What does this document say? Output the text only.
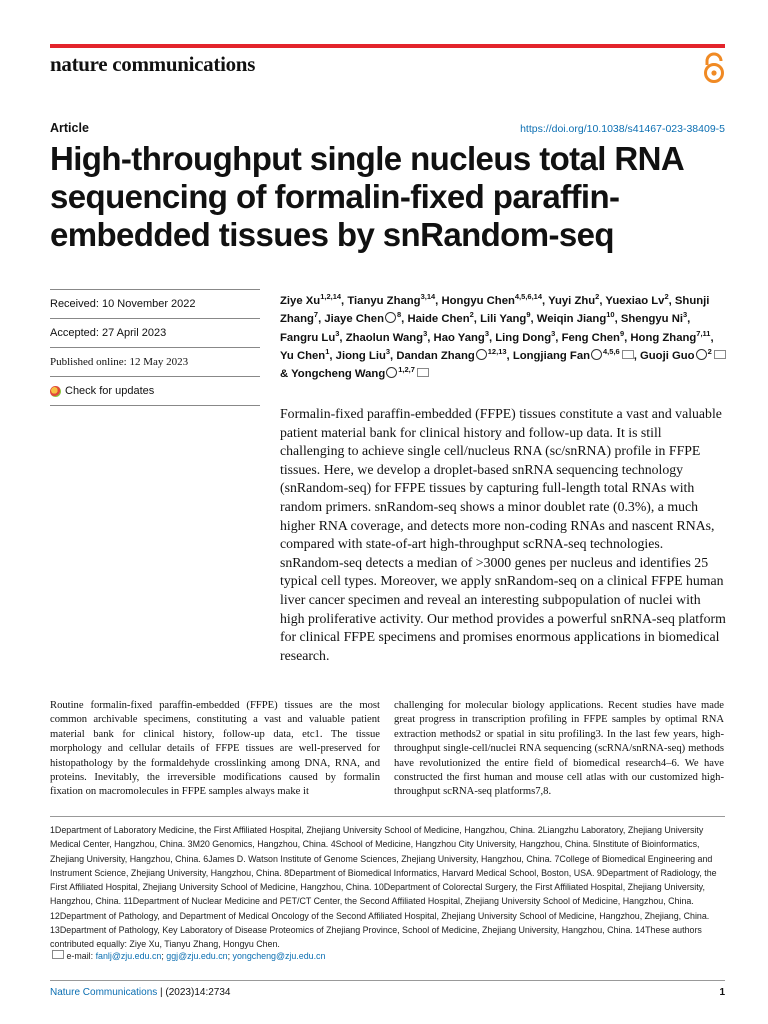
nature communications
Article	https://doi.org/10.1038/s41467-023-38409-5
High-throughput single nucleus total RNA sequencing of formalin-fixed paraffin-embedded tissues by snRandom-seq
Received: 10 November 2022
Accepted: 27 April 2023
Published online: 12 May 2023
Check for updates
Ziye Xu$^{1,2,14}$, Tianyu Zhang$^{3,14}$, Hongyu Chen$^{4,5,6,14}$, Yuyi Zhu$^2$, Yuexiao Lv$^2$, Shunji Zhang$^7$, Jiaye Chen $^8$, Haide Chen$^2$, Lili Yang$^9$, Weiqin Jiang$^{10}$, Shengyu Ni$^3$, Fangru Lu$^3$, Zhaolun Wang$^3$, Hao Yang$^3$, Ling Dong$^3$, Feng Chen$^9$, Hong Zhang$^{7,11}$, Yu Chen$^1$, Jiong Liu$^3$, Dandan Zhang $^{12,13}$, Longjiang Fan $^{4,5,6}$ , Guoji Guo $^2$ & Yongcheng Wang $^{1,2,7}$

Formalin-fixed paraffin-embedded (FFPE) tissues constitute a vast and valuable patient material bank for clinical history and follow-up data. It is still challenging to achieve single cell/nucleus RNA (sc/snRNA) profile in FFPE tissues. Here, we develop a droplet-based snRNA sequencing technology (snRandom-seq) for FFPE tissues by capturing full-length total RNAs with random primers. snRandom-seq shows a minor doublet rate (0.3%), a much higher RNA coverage, and detects more non-coding RNAs and nascent RNAs, compared with state-of-art high-throughput scRNA-seq technologies. snRandom-seq detects a median of >3000 genes per nucleus and identifies 25 typical cell types. Moreover, we apply snRandom-seq on a clinical FFPE human liver cancer specimen and reveal an interesting subpopulation of nuclei with high proliferative activity. Our method provides a powerful snRNA-seq platform for clinical FFPE specimens and promises enormous applications in biomedical research.

Routine formalin-fixed paraffin-embedded (FFPE) tissues are the most common archivable specimens, constituting a vast and valuable patient material bank for clinical history, follow-up data, etc1. The tissue morphology and cellular details of FFPE tissues are well-preserved for histopathology by the formaldehyde crosslinking among DNA, RNA, and proteins. Inevitably, the irreversible modifications caused by formalin fixation on macromolecules in FFPE samples always make it

challenging for molecular biology applications. Recent studies have made great progress in transcription profiling in FFPE samples by optimal RNA extraction methods2 or spatial in situ profiling3. In the last few years, high-throughput single-cell/nuclei RNA sequencing (scRNA/snRNA-seq) methods have revolutionized the entire field of biomedical research4–6. We have constructed the first human and mouse cell atlas with our customized high-throughput scRNA-seq platforms7,8.

1Department of Laboratory Medicine, the First Affiliated Hospital, Zhejiang University School of Medicine, Hangzhou, China. 2Liangzhu Laboratory, Zhejiang University Medical Center, Hangzhou, China. 3M20 Genomics, Hangzhou, China. 4School of Medicine, Hangzhou City University, Hangzhou, China. 5Institute of Bioinformatics, Zhejiang University, Hangzhou, China. 6James D. Watson Institute of Genome Sciences, Zhejiang University, Hangzhou, China. 7College of Biomedical Engineering and Instrument Science, Zhejiang University, Hangzhou, China. 8Department of Biomedical Informatics, Harvard Medical School, Boston, USA. 9Department of Radiology, the First Affiliated Hospital, Zhejiang University School of Medicine, Hangzhou, China. 10Department of Colorectal Surgery, the First Affiliated Hospital, Zhejiang University, Hangzhou, China. 11Department of Nuclear Medicine and PET/CT Center, the Second Affiliated Hospital, Zhejiang University School of Medicine, Hangzhou, China. 12Department of Pathology, and Department of Medical Oncology of the Second Affiliated Hospital, Zhejiang University School of Medicine, Hangzhou, Zhejiang, China. 13Department of Pathology, Key Laboratory of Disease Proteomics of Zhejiang Province, School of Medicine, Zhejiang University, Hangzhou, China. 14These authors contributed equally: Ziye Xu, Tianyu Zhang, Hongyu Chen.

e-mail: fanlj@zju.edu.cn; ggj@zju.edu.cn; yongcheng@zju.edu.cn
Nature Communications | (2023)14:2734	1
